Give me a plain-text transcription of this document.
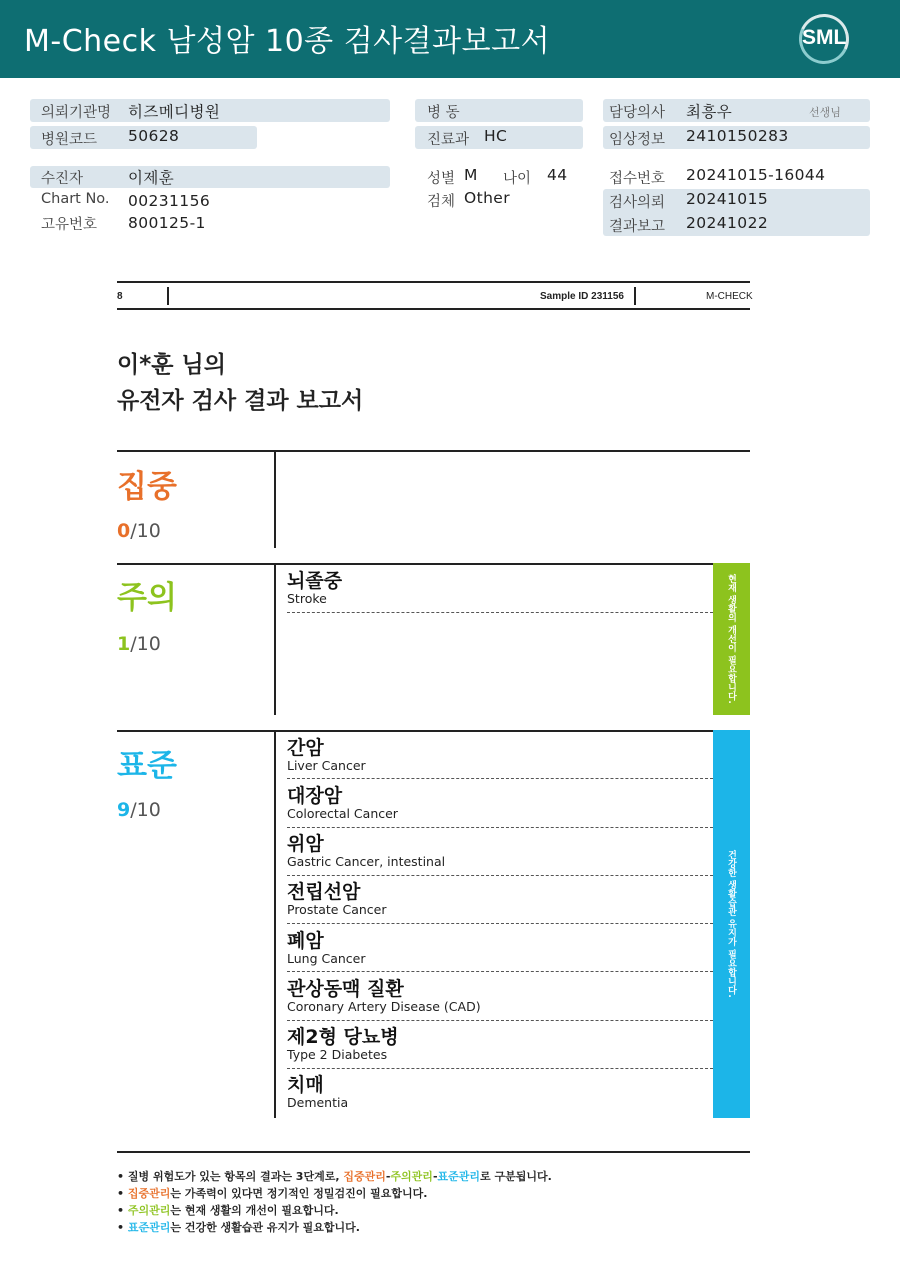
M-Check 남성암 10종 검사결과보고서	SML
의뢰기관명 히즈메디병원
병원코드 50628
병 동
진료과 HC
담당의사 최흥우	선생님
임상정보 2410150283
수진자	이제훈
Chart No. 00231156
고유번호 800125-1
성별 M 나이 44
검체 Other
접수번호 20241015-16044
검사의뢰 20241015
결과보고 20241022
8	Sample ID 231156	M-CHECK
이*훈 님의
유전자 검사 결과 보고서
집중
0/10
주의
1/10
뇌졸중
Stroke	현재 생활의 개선이 필요합니다.
표준
9/10
간암
Liver Cancer
대장암
Colorectal Cancer
위암
Gastric Cancer, intestinal
전립선암
Prostate Cancer
폐암
Lung Cancer
관상동맥 질환
Coronary Artery Disease (CAD)
제2형 당뇨병
Type 2 Diabetes
치매
Dementia
건강한 생활습관 유지가 필요합니다.
• 질병 위험도가 있는 항목의 결과는 3단계로, 집중관리-주의관리-표준관리로 구분됩니다.
• 집중관리는 가족력이 있다면 정기적인 정밀검진이 필요합니다.
• 주의관리는 현재 생활의 개선이 필요합니다.
• 표준관리는 건강한 생활습관 유지가 필요합니다.
